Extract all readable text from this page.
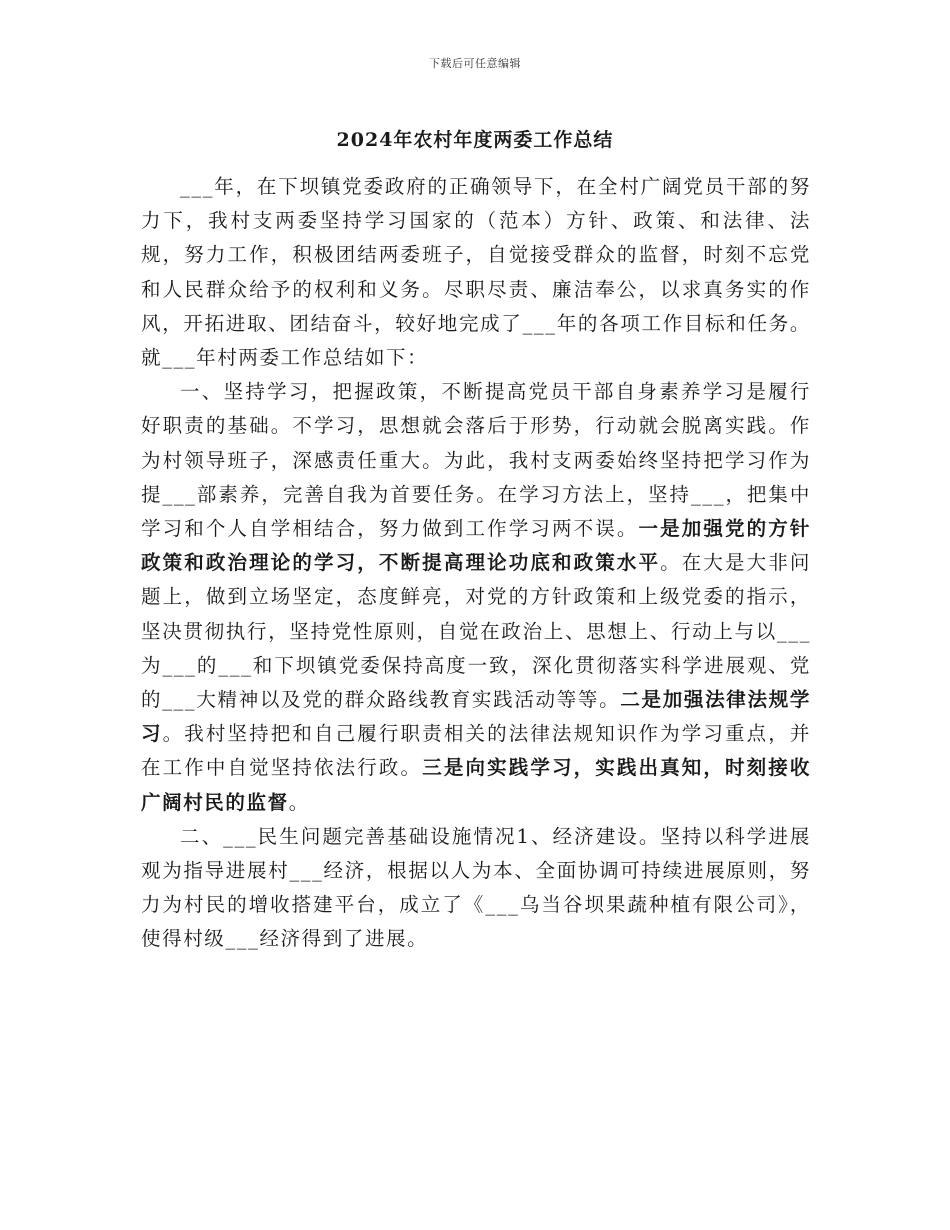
下载后可任意编辑
2024年农村年度两委工作总结

___年，在下坝镇党委政府的正确领导下，在全村广阔党员干部的努力下，我村支两委坚持学习国家的（范本）方针、政策、和法律、法规，努力工作，积极团结两委班子，自觉接受群众的监督，时刻不忘党和人民群众给予的权利和义务。尽职尽责、廉洁奉公，以求真务实的作风，开拓进取、团结奋斗，较好地完成了___年的各项工作目标和任务。就___年村两委工作总结如下：

一、坚持学习，把握政策，不断提高党员干部自身素养学习是履行好职责的基础。不学习，思想就会落后于形势，行动就会脱离实践。作为村领导班子，深感责任重大。为此，我村支两委始终坚持把学习作为提___部素养，完善自我为首要任务。在学习方法上，坚持___，把集中学习和个人自学相结合，努力做到工作学习两不误。一是加强党的方针政策和政治理论的学习，不断提高理论功底和政策水平。在大是大非问题上，做到立场坚定，态度鲜亮，对党的方针政策和上级党委的指示，坚决贯彻执行，坚持党性原则，自觉在政治上、思想上、行动上与以___为___的___和下坝镇党委保持高度一致，深化贯彻落实科学进展观、党的___大精神以及党的群众路线教育实践活动等等。二是加强法律法规学习。我村坚持把和自己履行职责相关的法律法规知识作为学习重点，并在工作中自觉坚持依法行政。三是向实践学习，实践出真知，时刻接收广阔村民的监督。

二、___民生问题完善基础设施情况1、经济建设。坚持以科学进展观为指导进展村___经济，根据以人为本、全面协调可持续进展原则，努力为村民的增收搭建平台，成立了《___乌当谷坝果蔬种植有限公司》，使得村级___经济得到了进展。
